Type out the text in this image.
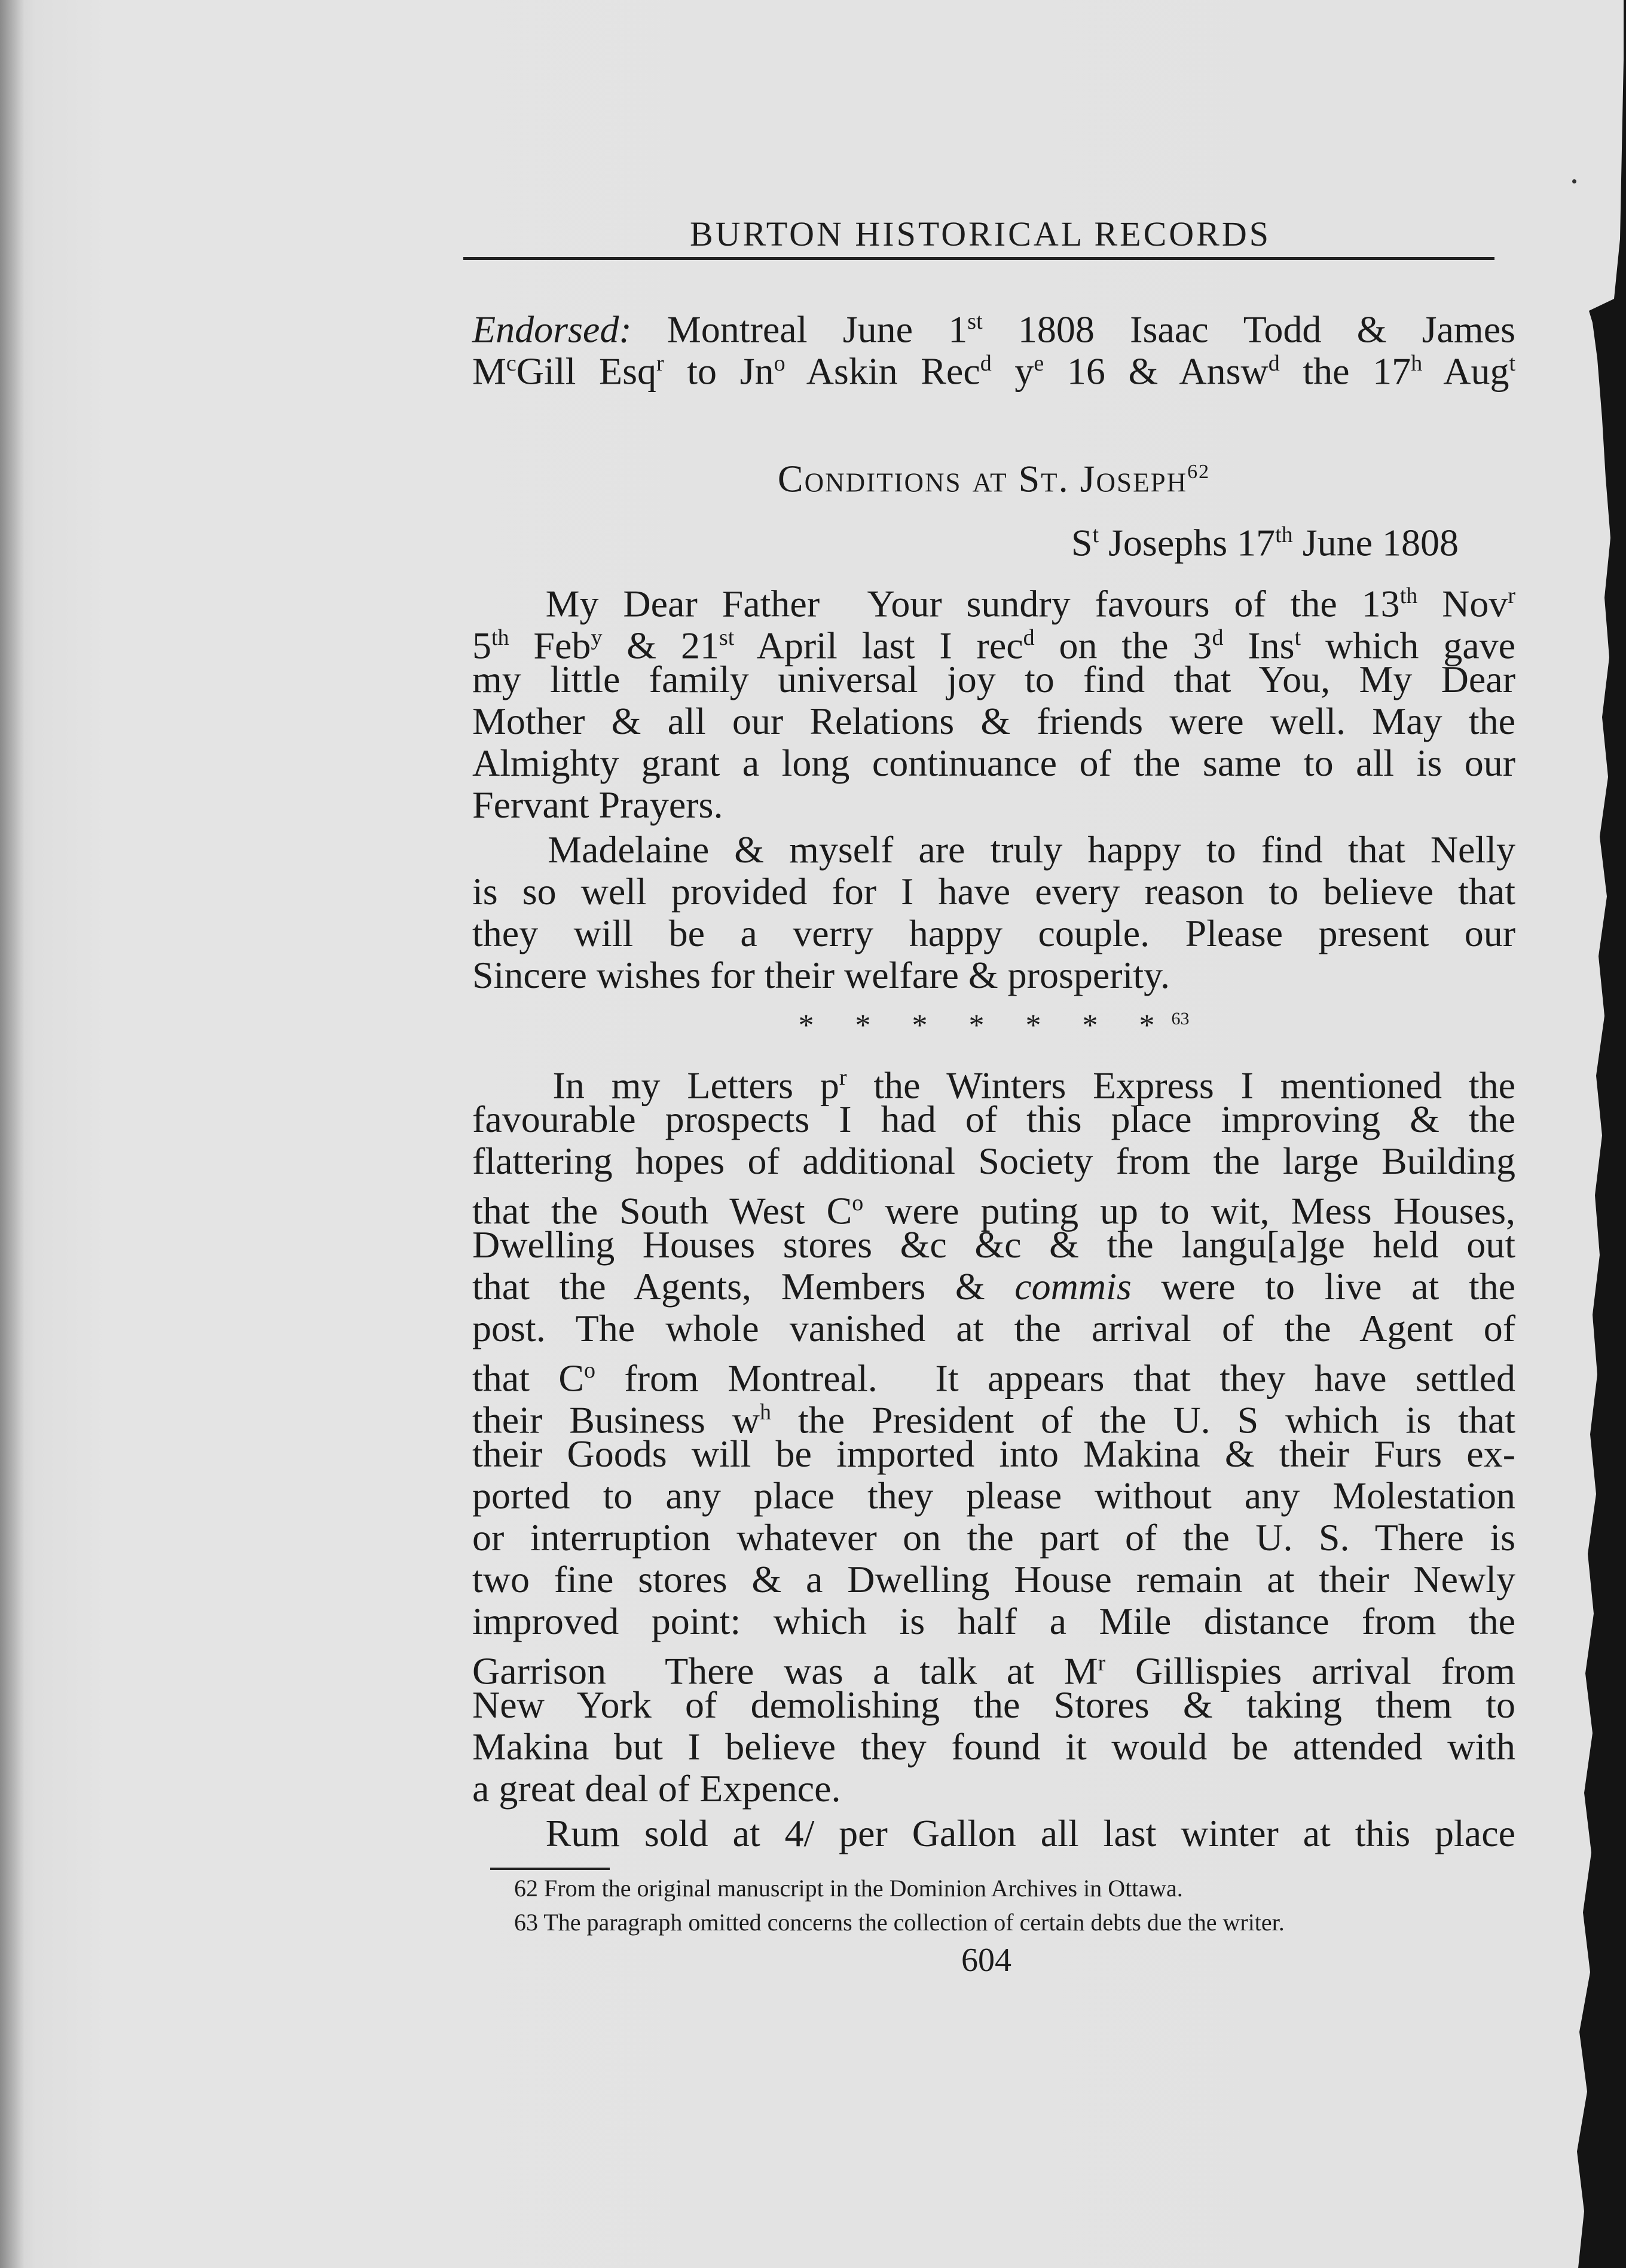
BURTON HISTORICAL RECORDS
Endorsed: Montreal June 1st 1808 Isaac Todd & James
$M^cGill$ Esq$^r$ to Jn$^o$ Askin Rec$^d$ $y^e$ 16 & Answ$^d$ the 17$^h$ Aug$^t$
Conditions at St. Joseph$^{62}$
$S^t$ Josephs 17th June 1808
My Dear Father  Your sundry favours of the 13th Nov$^r$
5th Feb$^y$ & 21st April last I rec$^d$ on the 3$^d$ Ins$^t$ which gave
my little family universal joy to find that You, My Dear
Mother & all our Relations & friends were well. May the
Almighty grant a long continuance of the same to all is our
Fervant Prayers.
Madelaine & myself are truly happy to find that Nelly
is so well provided for I have every reason to believe that
they will be a verry happy couple. Please present our
Sincere wishes for their welfare & prosperity.
* * * * * * *$^{63}$
In my Letters $p^r$ the Winters Express I mentioned the
favourable prospects I had of this place improving & the
flattering hopes of additional Society from the large Building
that the South West $C^o$ were puting up to wit, Mess Houses,
Dwelling Houses stores &c &c & the langu[a]ge held out
that the Agents, Members & commis were to live at the
post. The whole vanished at the arrival of the Agent of
that $C^o$ from Montreal.  It appears that they have settled
their Business $w^h$ the President of the U. S which is that
their Goods will be imported into Makina & their Furs ex-
ported to any place they please without any Molestation
or interruption whatever on the part of the U. S. There is
two fine stores & a Dwelling House remain at their Newly
improved point: which is half a Mile distance from the
Garrison  There was a talk at $M^r$ Gillispies arrival from
New York of demolishing the Stores & taking them to
Makina but I believe they found it would be attended with
a great deal of Expence.
Rum sold at 4/ per Gallon all last winter at this place
62 From the original manuscript in the Dominion Archives in Ottawa.
63 The paragraph omitted concerns the collection of certain debts due the writer.
604
